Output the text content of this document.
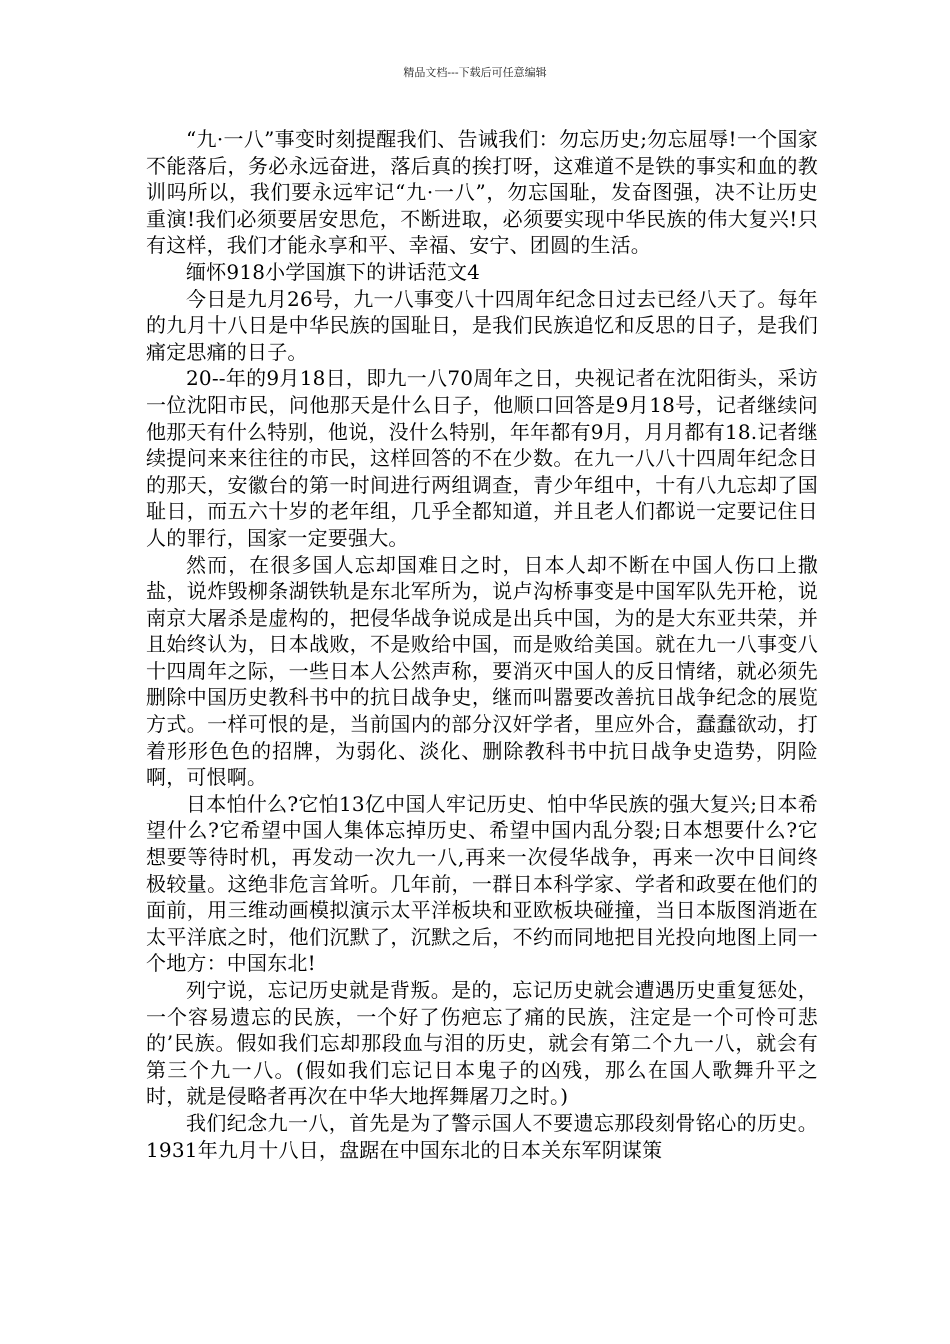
精品文档---下载后可任意编辑

“九·一八”事变时刻提醒我们、告诫我们：勿忘历史;勿忘屈辱!一个国家不能落后，务必永远奋进，落后真的挨打呀，这难道不是铁的事实和血的教训吗所以，我们要永远牢记“九·一八”，勿忘国耻，发奋图强，决不让历史重演!我们必须要居安思危，不断进取，必须要实现中华民族的伟大复兴!只有这样，我们才能永享和平、幸福、安宁、团圆的生活。

缅怀918小学国旗下的讲话范文4

今日是九月26号，九一八事变八十四周年纪念日过去已经八天了。每年的九月十八日是中华民族的国耻日，是我们民族追忆和反思的日子，是我们痛定思痛的日子。

20--年的9月18日，即九一八70周年之日，央视记者在沈阳街头，采访一位沈阳市民，问他那天是什么日子，他顺口回答是9月18号，记者继续问他那天有什么特别，他说，没什么特别，年年都有9月，月月都有18.记者继续提问来来往往的市民，这样回答的不在少数。在九一八八十四周年纪念日的那天，安徽台的第一时间进行两组调查，青少年组中，十有八九忘却了国耻日，而五六十岁的老年组，几乎全都知道，并且老人们都说一定要记住日人的罪行，国家一定要强大。

然而，在很多国人忘却国难日之时，日本人却不断在中国人伤口上撒盐，说炸毁柳条湖铁轨是东北军所为，说卢沟桥事变是中国军队先开枪，说南京大屠杀是虚构的，把侵华战争说成是出兵中国，为的是大东亚共荣，并且始终认为，日本战败，不是败给中国，而是败给美国。就在九一八事变八十四周年之际，一些日本人公然声称，要消灭中国人的反日情绪，就必须先删除中国历史教科书中的抗日战争史，继而叫嚣要改善抗日战争纪念的展览方式。一样可恨的是，当前国内的部分汉奸学者，里应外合，蠢蠢欲动，打着形形色色的招牌，为弱化、淡化、删除教科书中抗日战争史造势，阴险啊，可恨啊。

日本怕什么?它怕13亿中国人牢记历史、怕中华民族的强大复兴;日本希望什么?它希望中国人集体忘掉历史、希望中国内乱分裂;日本想要什么?它想要等待时机，再发动一次九一八,再来一次侵华战争，再来一次中日间终极较量。这绝非危言耸听。几年前，一群日本科学家、学者和政要在他们的面前，用三维动画模拟演示太平洋板块和亚欧板块碰撞，当日本版图消逝在太平洋底之时，他们沉默了，沉默之后，不约而同地把目光投向地图上同一个地方：中国东北!

列宁说，忘记历史就是背叛。是的，忘记历史就会遭遇历史重复惩处，一个容易遗忘的民族，一个好了伤疤忘了痛的民族，注定是一个可怜可悲的’民族。假如我们忘却那段血与泪的历史，就会有第二个九一八，就会有第三个九一八。(假如我们忘记日本鬼子的凶残，那么在国人歌舞升平之时，就是侵略者再次在中华大地挥舞屠刀之时。)

我们纪念九一八，首先是为了警示国人不要遗忘那段刻骨铭心的历史。1931年九月十八日，盘踞在中国东北的日本关东军阴谋策
